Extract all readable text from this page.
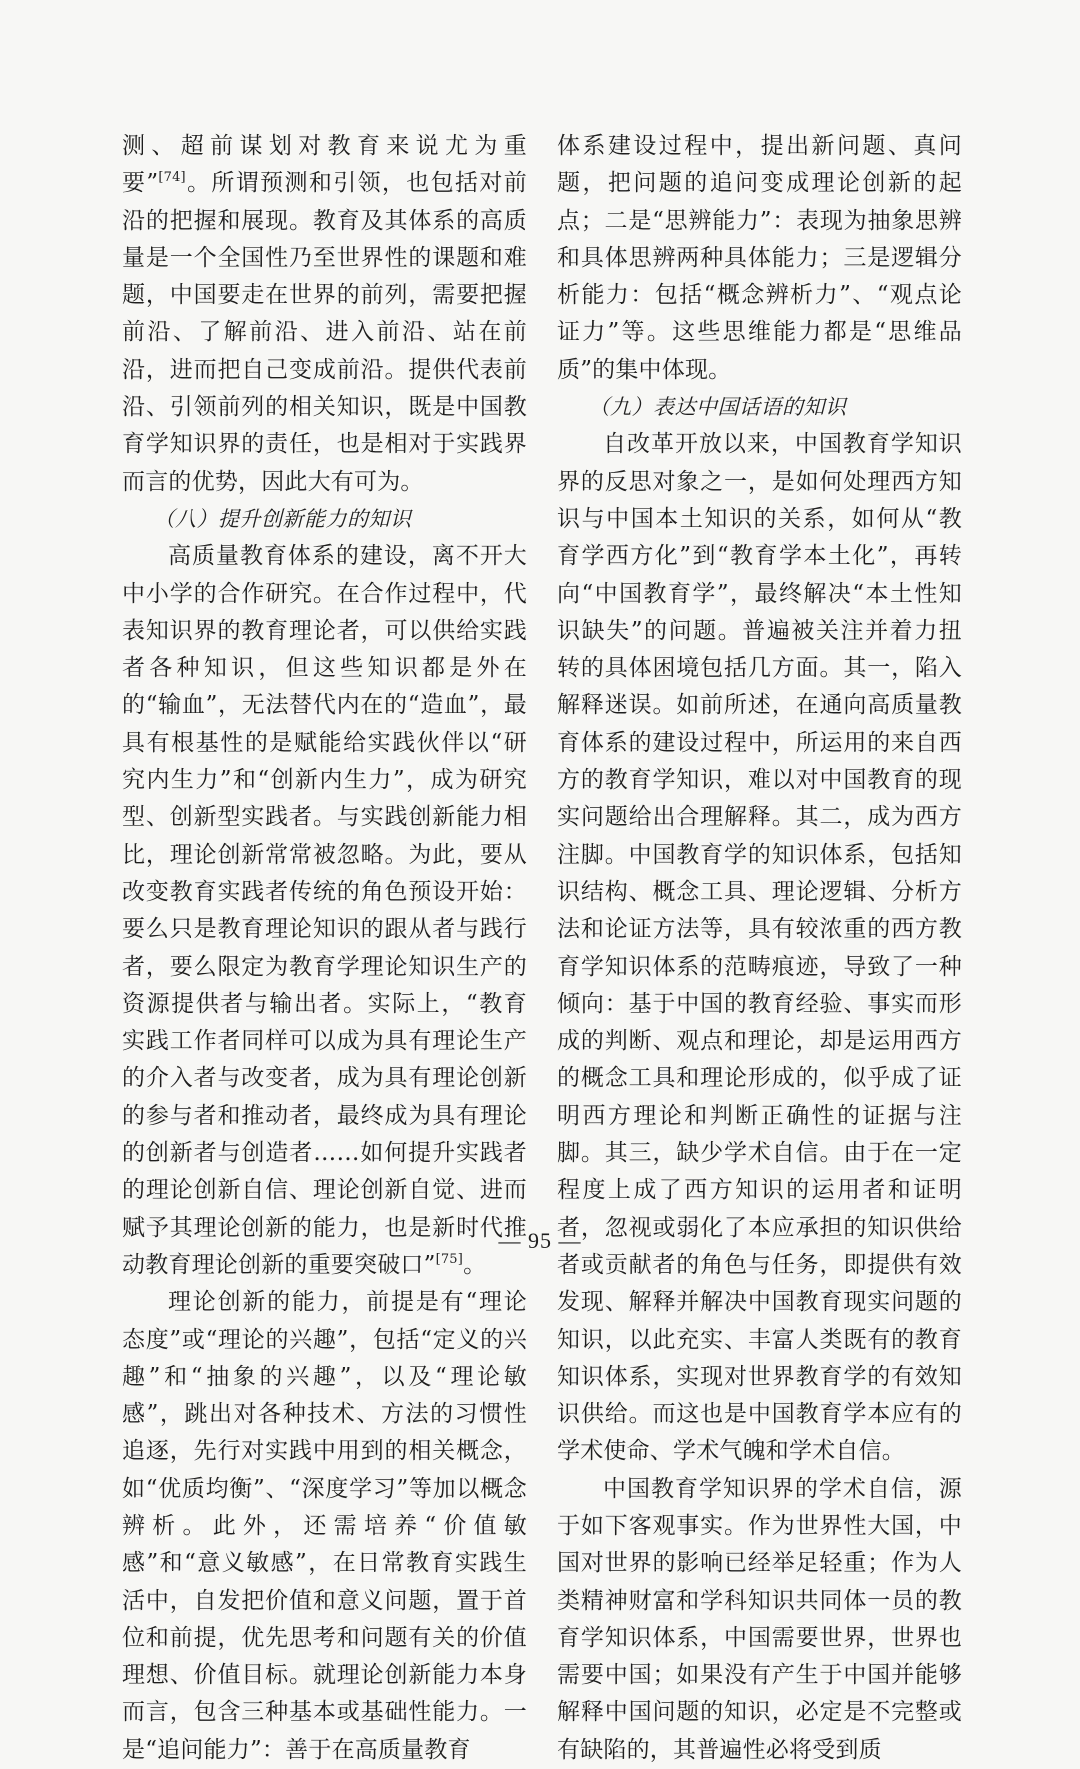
测、超前谋划对教育来说尤为重要”[74]。所谓预测和引领，也包括对前沿的把握和展现。教育及其体系的高质量是一个全国性乃至世界性的课题和难题，中国要走在世界的前列，需要把握前沿、了解前沿、进入前沿、站在前沿，进而把自己变成前沿。提供代表前沿、引领前列的相关知识，既是中国教育学知识界的责任，也是相对于实践界而言的优势，因此大有可为。

（八）提升创新能力的知识

高质量教育体系的建设，离不开大中小学的合作研究。在合作过程中，代表知识界的教育理论者，可以供给实践者各种知识，但这些知识都是外在的“输血”，无法替代内在的“造血”，最具有根基性的是赋能给实践伙伴以“研究内生力”和“创新内生力”，成为研究型、创新型实践者。与实践创新能力相比，理论创新常常被忽略。为此，要从改变教育实践者传统的角色预设开始：要么只是教育理论知识的跟从者与践行者，要么限定为教育学理论知识生产的资源提供者与输出者。实际上，“教育实践工作者同样可以成为具有理论生产的介入者与改变者，成为具有理论创新的参与者和推动者，最终成为具有理论的创新者与创造者……如何提升实践者的理论创新自信、理论创新自觉、进而赋予其理论创新的能力，也是新时代推动教育理论创新的重要突破口”[75]。

理论创新的能力，前提是有“理论态度”或“理论的兴趣”，包括“定义的兴趣”和“抽象的兴趣”，以及“理论敏感”，跳出对各种技术、方法的习惯性追逐，先行对实践中用到的相关概念，如“优质均衡”、“深度学习”等加以概念辨析。此外，还需培养“价值敏感”和“意义敏感”，在日常教育实践生活中，自发把价值和意义问题，置于首位和前提，优先思考和问题有关的价值理想、价值目标。就理论创新能力本身而言，包含三种基本或基础性能力。一是“追问能力”：善于在高质量教育

体系建设过程中，提出新问题、真问题，把问题的追问变成理论创新的起点；二是“思辨能力”：表现为抽象思辨和具体思辨两种具体能力；三是逻辑分析能力：包括“概念辨析力”、“观点论证力”等。这些思维能力都是“思维品质”的集中体现。

（九）表达中国话语的知识

自改革开放以来，中国教育学知识界的反思对象之一，是如何处理西方知识与中国本土知识的关系，如何从“教育学西方化”到“教育学本土化”，再转向“中国教育学”，最终解决“本土性知识缺失”的问题。普遍被关注并着力扭转的具体困境包括几方面。其一，陷入解释迷误。如前所述，在通向高质量教育体系的建设过程中，所运用的来自西方的教育学知识，难以对中国教育的现实问题给出合理解释。其二，成为西方注脚。中国教育学的知识体系，包括知识结构、概念工具、理论逻辑、分析方法和论证方法等，具有较浓重的西方教育学知识体系的范畴痕迹，导致了一种倾向：基于中国的教育经验、事实而形成的判断、观点和理论，却是运用西方的概念工具和理论形成的，似乎成了证明西方理论和判断正确性的证据与注脚。其三，缺少学术自信。由于在一定程度上成了西方知识的运用者和证明者，忽视或弱化了本应承担的知识供给者或贡献者的角色与任务，即提供有效发现、解释并解决中国教育现实问题的知识，以此充实、丰富人类既有的教育知识体系，实现对世界教育学的有效知识供给。而这也是中国教育学本应有的学术使命、学术气魄和学术自信。

中国教育学知识界的学术自信，源于如下客观事实。作为世界性大国，中国对世界的影响已经举足轻重；作为人类精神财富和学科知识共同体一员的教育学知识体系，中国需要世界，世界也需要中国；如果没有产生于中国并能够解释中国问题的知识，必定是不完整或有缺陷的，其普遍性必将受到质

— 95 —
